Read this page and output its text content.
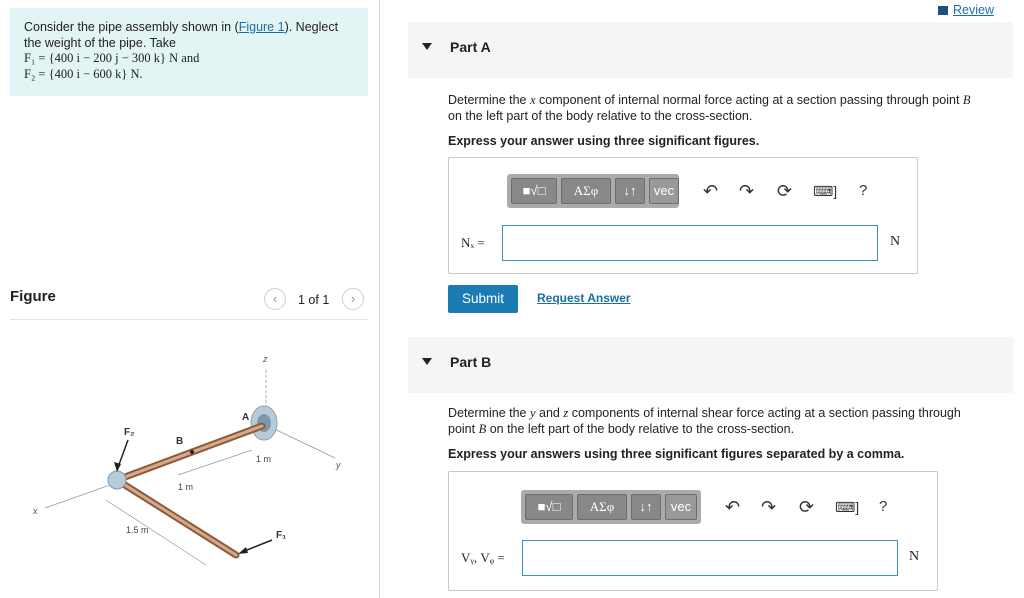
Consider the pipe assembly shown in (Figure 1). Neglect
the weight of the pipe. Take
F₁ = {400 i − 200 j − 300 k} N and
F₂ = {400 i − 600 k} N.
Figure	‹	1 of 1	›
z
y
x
A
B
F₂
F₁
1 m
1 m
1.5 m
Review
Part A
Determine the x component of internal normal force acting at a section passing through point B
on the left part of the body relative to the cross-section.
Express your answer using three significant figures.
■√□	ΑΣφ	↓↑	vec ↶ ↷ ⟳ ⌨] ?
Nₓ =	N
Submit	Request Answer
Part B
Determine the y and z components of internal shear force acting at a section passing through
point B on the left part of the body relative to the cross-section.
Express your answers using three significant figures separated by a comma.
■√□	ΑΣφ	↓↑	vec	↶ ↷ ⟳ ⌨] ?
Vᵧ, Vᵩ =	N
